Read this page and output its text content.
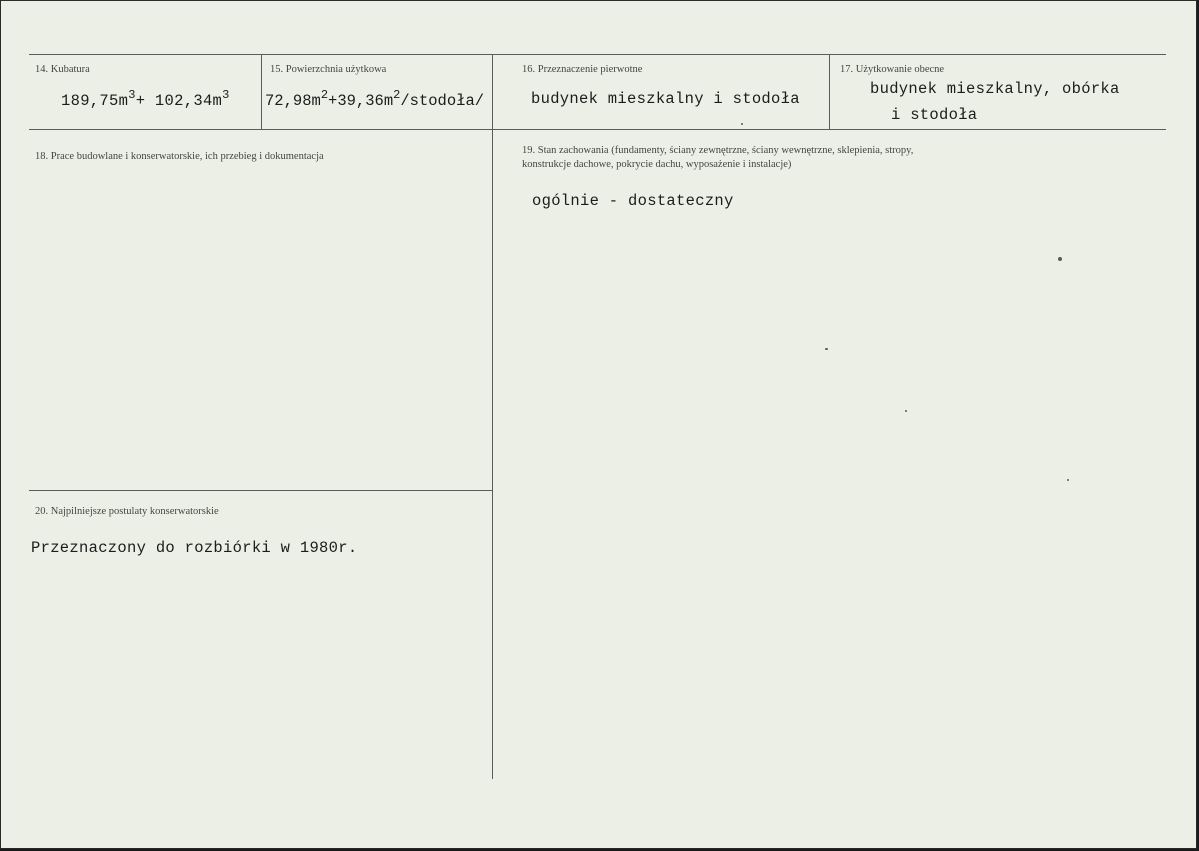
14. Kubatura
$189,75m^3+ 102,34m^3$
15. Powierzchnia użytkowa
$72,98m^2+39,36m^2/stodoła/$
16. Przeznaczenie pierwotne
budynek mieszkalny i stodoła
17. Użytkowanie obecne
budynek mieszkalny, obórka
i stodoła
18. Prace budowlane i konserwatorskie, ich przebieg i dokumentacja
19. Stan zachowania (fundamenty, ściany zewnętrzne, ściany wewnętrzne, sklepienia, stropy,
konstrukcje dachowe, pokrycie dachu, wyposażenie i instalacje)
ogólnie - dostateczny
20. Najpilniejsze postulaty konserwatorskie
Przeznaczony do rozbiórki w 1980r.
